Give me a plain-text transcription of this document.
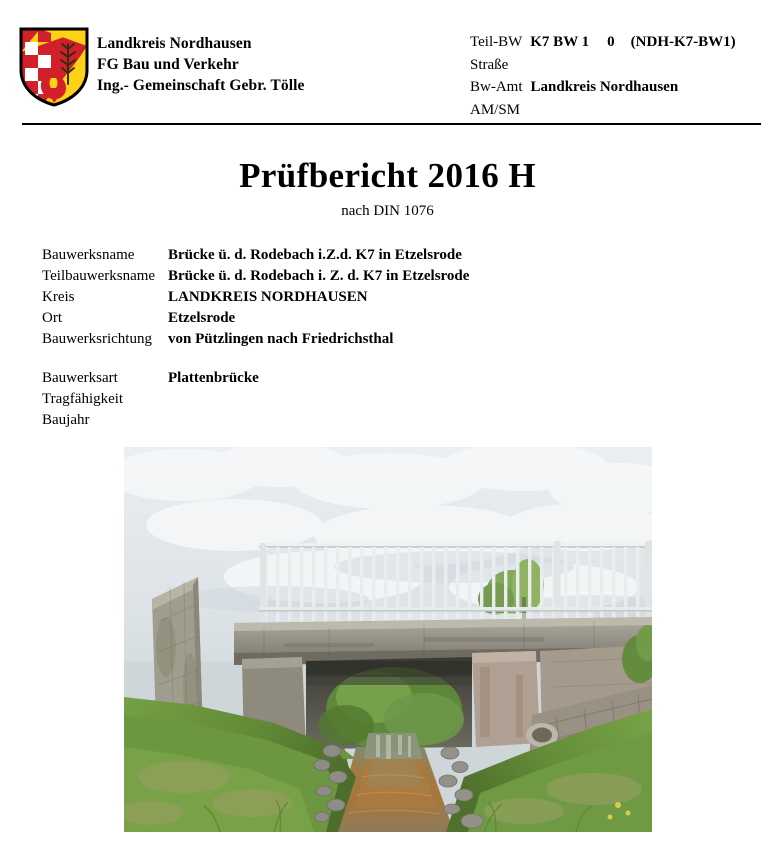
Landkreis Nordhausen
FG Bau und Verkehr
Ing.- Gemeinschaft Gebr. Tölle
Teil-BW K7 BW 1 0 (NDH-K7-BW1)
Straße
Bw-Amt Landkreis Nordhausen
AM/SM
Prüfbericht 2016 H
nach DIN 1076
Bauwerksname Brücke ü. d. Rodebach i.Z.d. K7 in Etzelsrode
Teilbauwerksname Brücke ü. d. Rodebach i. Z. d. K7 in Etzelsrode
Kreis	LANDKREIS NORDHAUSEN
Ort	Etzelsrode
Bauwerksrichtung von Pützlingen nach Friedrichsthal
Bauwerksart	Plattenbrücke
Tragfähigkeit
Baujahr
